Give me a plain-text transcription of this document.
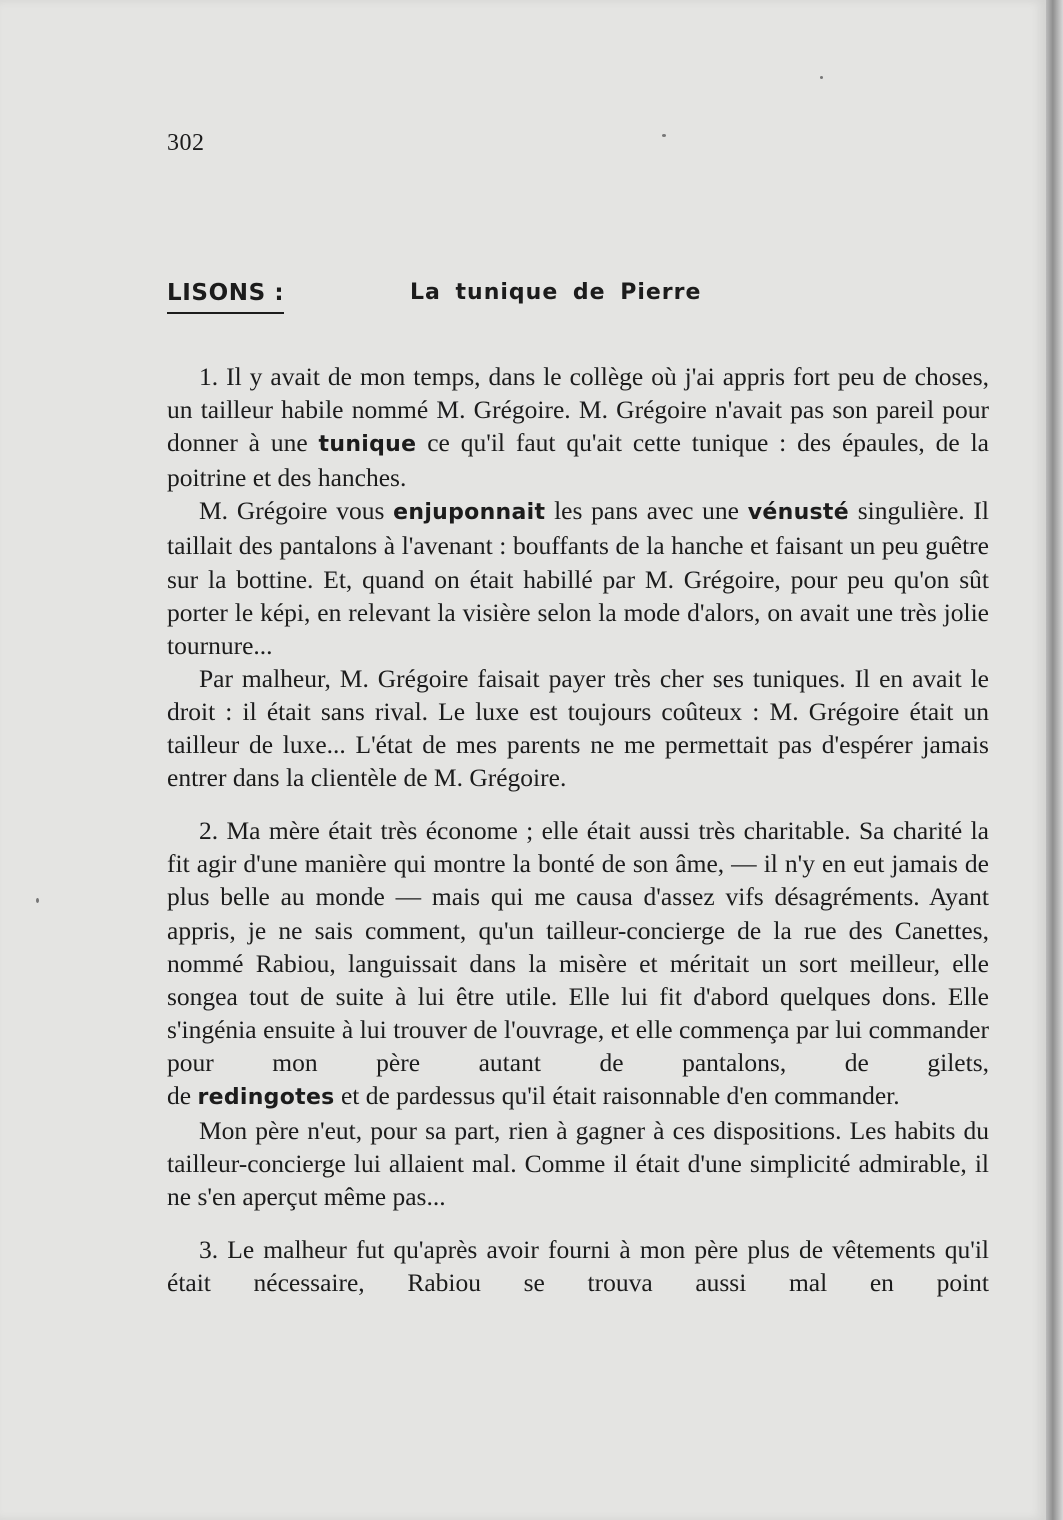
302
LISONS :	La tunique de Pierre

1. Il y avait de mon temps, dans le collège où j'ai appris fort peu de choses, un tailleur habile nommé M. Grégoire. M. Grégoire n'avait pas son pareil pour donner à une tunique ce qu'il faut qu'ait cette tunique : des épaules, de la poitrine et des hanches.

M. Grégoire vous enjuponnait les pans avec une vénusté singulière. Il taillait des pantalons à l'avenant : bouffants de la hanche et faisant un peu guêtre sur la bottine. Et, quand on était habillé par M. Grégoire, pour peu qu'on sût porter le képi, en relevant la visière selon la mode d'alors, on avait une très jolie tournure...

Par malheur, M. Grégoire faisait payer très cher ses tuniques. Il en avait le droit : il était sans rival. Le luxe est toujours coûteux : M. Grégoire était un tailleur de luxe... L'état de mes parents ne me permettait pas d'espérer jamais entrer dans la clientèle de M. Grégoire.

2. Ma mère était très économe ; elle était aussi très charitable. Sa charité la fit agir d'une manière qui montre la bonté de son âme, — il n'y en eut jamais de plus belle au monde — mais qui me causa d'assez vifs désagréments. Ayant appris, je ne sais comment, qu'un tailleur-concierge de la rue des Canettes, nommé Rabiou, languissait dans la misère et méritait un sort meilleur, elle songea tout de suite à lui être utile. Elle lui fit d'abord quelques dons. Elle s'ingénia ensuite à lui trouver de l'ouvrage, et elle commença par lui commander pour mon père autant de pantalons, de gilets,

de redingotes et de pardessus qu'il était raisonnable d'en commander.

Mon père n'eut, pour sa part, rien à gagner à ces dispositions. Les habits du tailleur-concierge lui allaient mal. Comme il était d'une simplicité admirable, il ne s'en aperçut même pas...

3. Le malheur fut qu'après avoir fourni à mon père plus de vêtements qu'il était nécessaire, Rabiou se trouva aussi mal en point
